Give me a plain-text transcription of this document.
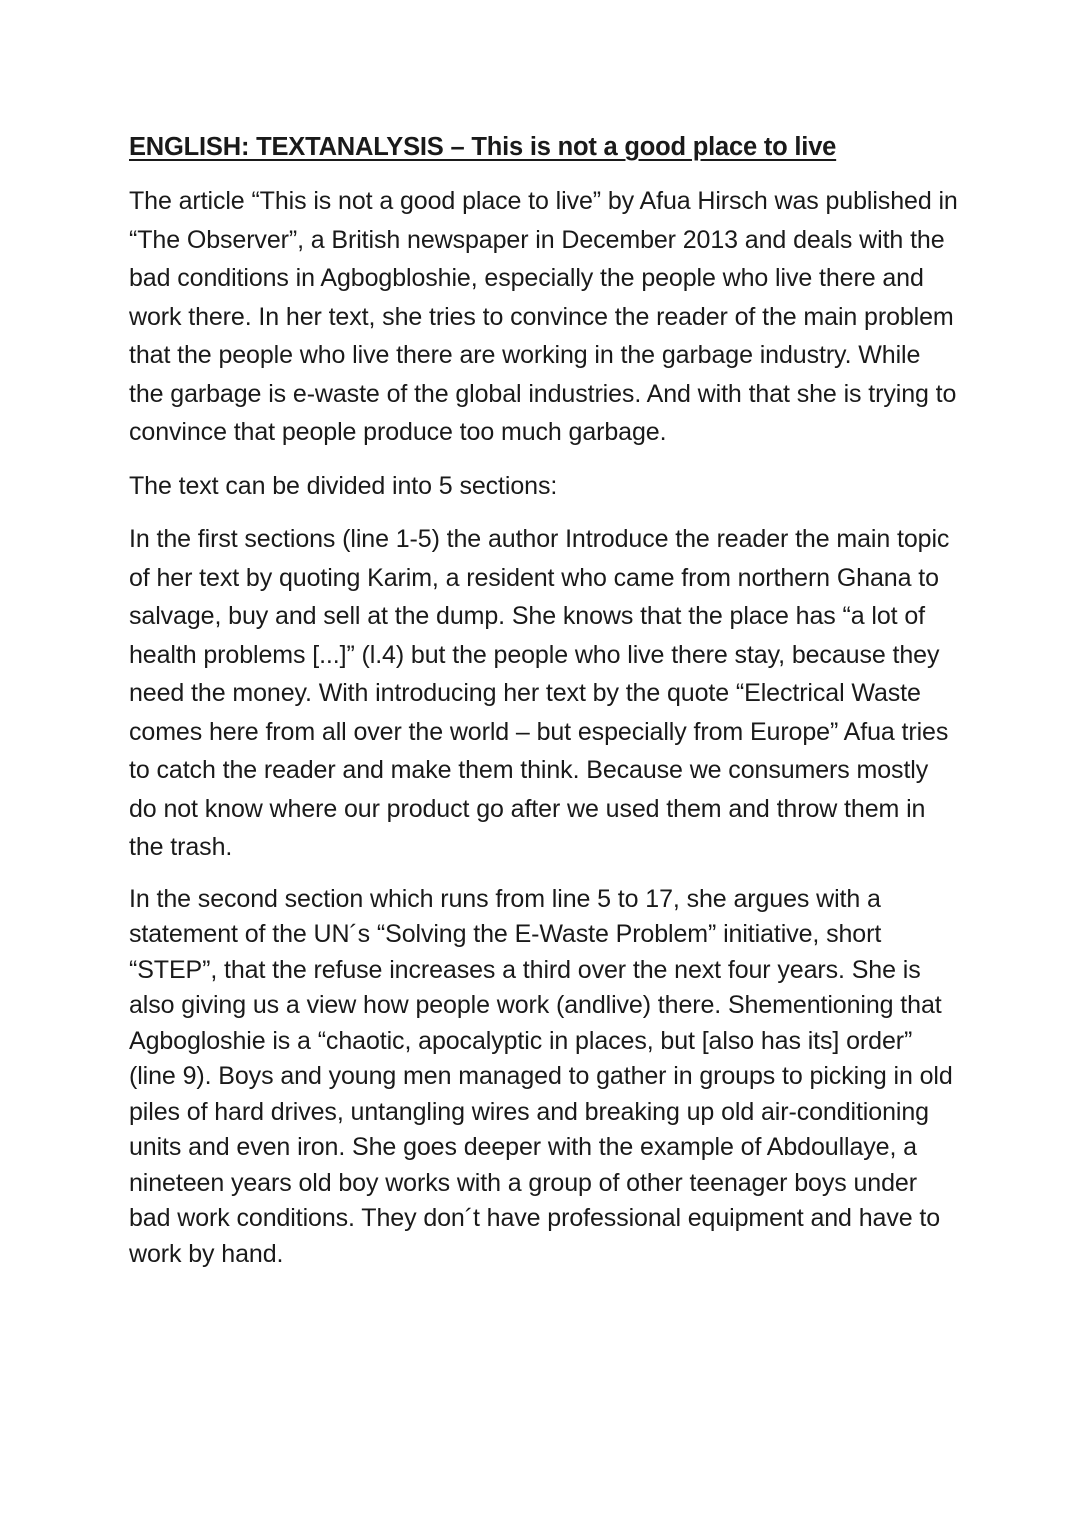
ENGLISH: TEXTANALYSIS – This is not a good place to live

The article “This is not a good place to live” by Afua Hirsch was published in “The Observer”, a British newspaper in December 2013 and deals with the bad conditions in Agbogbloshie, especially the people who live there and work there. In her text, she tries to convince the reader of the main problem that the people who live there are working in the garbage industry. While the garbage is e-waste of the global industries. And with that she is trying to convince that people produce too much garbage.

The text can be divided into 5 sections:

In the first sections (line 1-5) the author Introduce the reader the main topic of her text by quoting Karim, a resident who came from northern Ghana to salvage, buy and sell at the dump. She knows that the place has “a lot of health problems [...]” (l.4) but the people who live there stay, because they need the money. With introducing her text by the quote “Electrical Waste comes here from all over the world – but especially from Europe” Afua tries to catch the reader and make them think. Because we consumers mostly do not know where our product go after we used them and throw them in the trash.

In the second section which runs from line 5 to 17, she argues with a statement of the UN´s “Solving the E-Waste Problem” initiative, short “STEP”, that the refuse increases a third over the next four years. She is also giving us a view how people work (andlive) there. Shementioning that Agbogloshie is a “chaotic, apocalyptic in places, but [also has its] order” (line 9). Boys and young men managed to gather in groups to picking in old piles of hard drives, untangling wires and breaking up old air-conditioning units and even iron. She goes deeper with the example of Abdoullaye, a nineteen years old boy works with a group of other teenager boys under bad work conditions. They don´t have professional equipment and have to work by hand.
